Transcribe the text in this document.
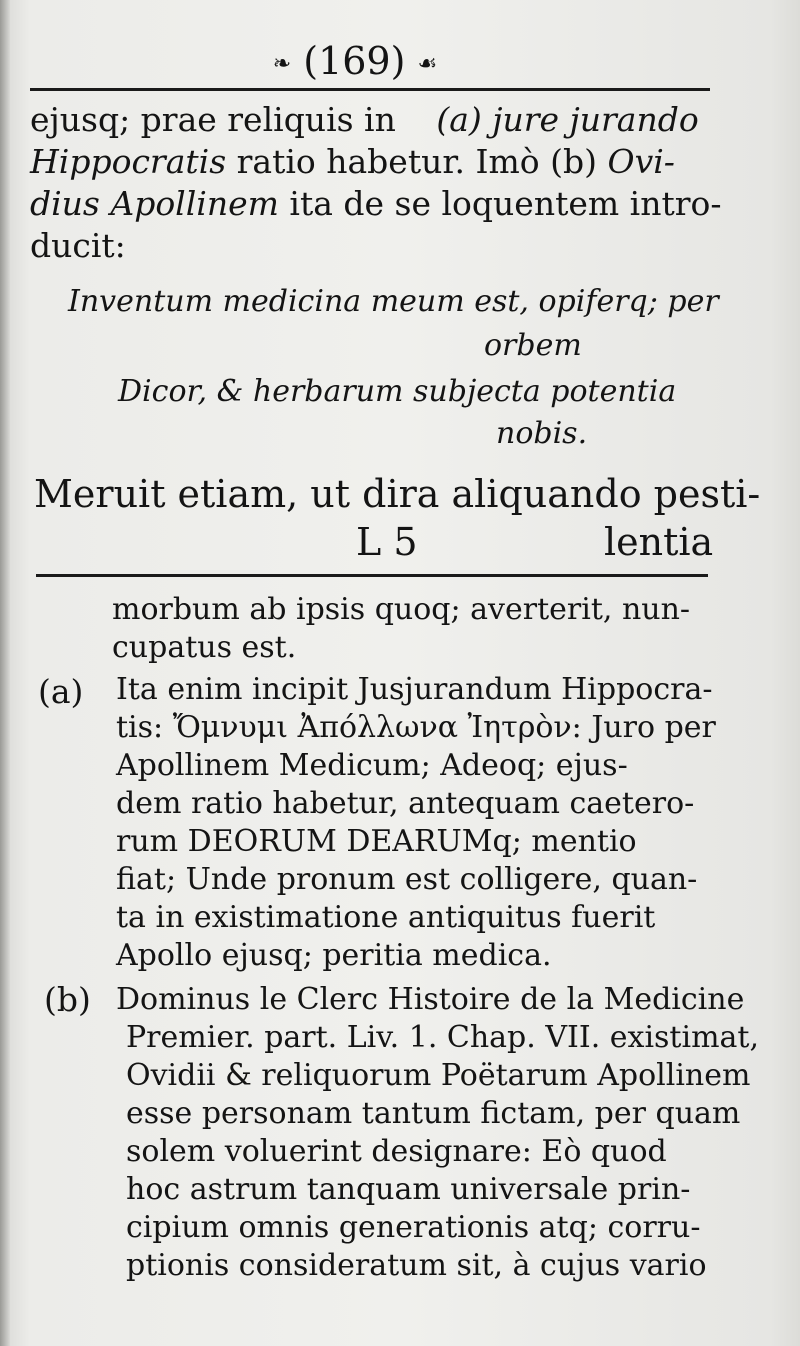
❧ (169) ☙
ejusq; prae reliquis in (a) jure jurando
Hippocratis ratio habetur. Imò (b) Ovi-
dius Apollinem ita de se loquentem intro-
ducit:
Inventum medicina meum est, opiferq; per
orbem
Dicor, & herbarum subjecta potentia
nobis.
Meruit etiam, ut dira aliquando pesti-
L 5	lentia
morbum ab ipsis quoq; averterit, nun-
cupatus est.
(a) Ita enim incipit Jusjurandum Hippocra-
tis: Ὄμνυμι Ἀπόλλωνα Ἰητρὸν: Juro per
Apollinem Medicum; Adeoq; ejus-
dem ratio habetur, antequam caetero-
rum DEORUM DEARUMq; mentio
fiat; Unde pronum est colligere, quan-
ta in existimatione antiquitus fuerit
Apollo ejusq; peritia medica.
(b) Dominus le Clerc Histoire de la Medicine
Premier. part. Liv. 1. Chap. VII. existimat,
Ovidii & reliquorum Poëtarum Apollinem
esse personam tantum fictam, per quam
solem voluerint designare: Eò quod
hoc astrum tanquam universale prin-
cipium omnis generationis atq; corru-
ptionis consideratum sit, à cujus vario
